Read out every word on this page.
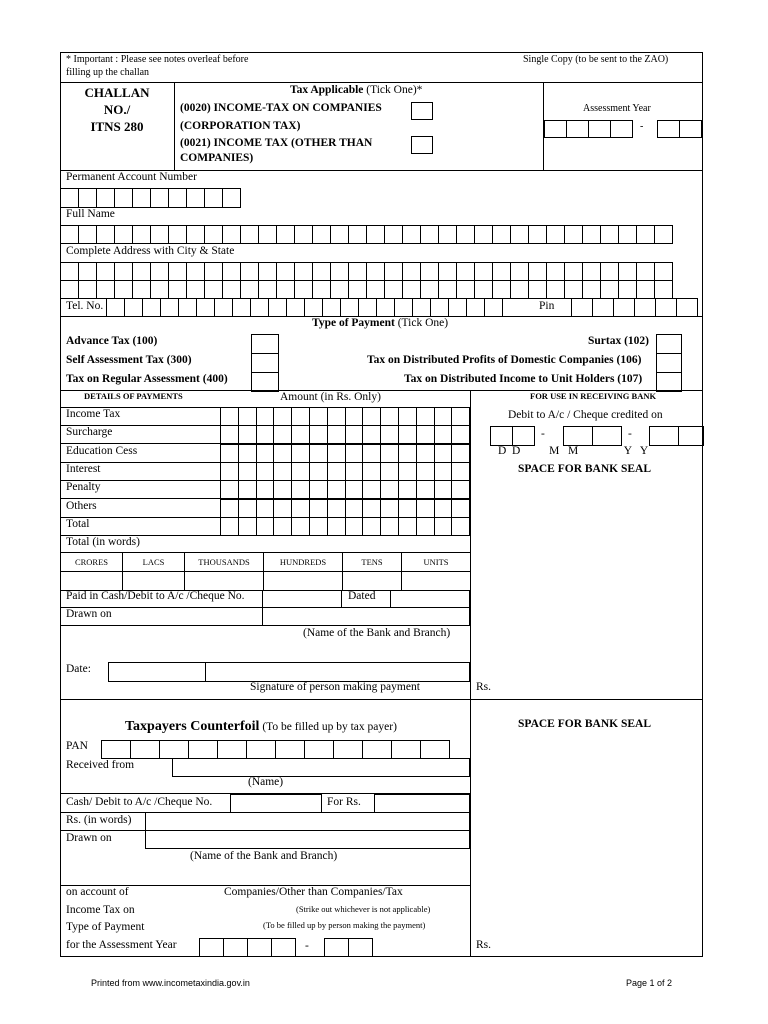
* Important : Please see notes overleaf before
filling up the challan
Single Copy (to be sent to the ZAO)
CHALLAN
NO./
ITNS 280
Tax Applicable (Tick One)*
(0020) INCOME-TAX ON COMPANIES
(CORPORATION TAX)
(0021) INCOME TAX (OTHER THAN
COMPANIES)
Assessment Year
-
Permanent Account Number
Full Name
Complete Address with City & State
Tel. No.	Pin
Type of Payment (Tick One)
Advance Tax (100)
Self Assessment Tax (300)
Tax on Regular Assessment (400)
Surtax (102)
Tax on Distributed Profits of Domestic Companies (106)
Tax on Distributed Income to Unit Holders (107)
DETAILS OF PAYMENTS	Amount (in Rs. Only)
Income Tax
Surcharge
Education Cess
Interest
Penalty
Others
Total
Total (in words)
CRORES	LACS	THOUSANDS	HUNDREDS	TENS	UNITS
Paid in Cash/Debit to A/c /Cheque No.	Dated
Drawn on
(Name of the Bank and Branch)
Date:
Signature of person making payment
FOR USE IN RECEIVING BANK
Debit to A/c / Cheque credited on
-	-
D  D          M   M                Y   Y
SPACE FOR BANK SEAL
Rs.
Taxpayers Counterfoil (To be filled up by tax payer)	SPACE FOR BANK SEAL
PAN
Received from
(Name)
Cash/ Debit to A/c /Cheque No.	For Rs.
Rs. (in words)
Drawn on
(Name of the Bank and Branch)
on account of	Companies/Other than Companies/Tax
Income Tax on	(Strike out whichever is not applicable)
Type of Payment	(To be filled up by person making the payment)
for the Assessment Year	-	Rs.
Printed from www.incometaxindia.gov.in	Page 1 of 2
